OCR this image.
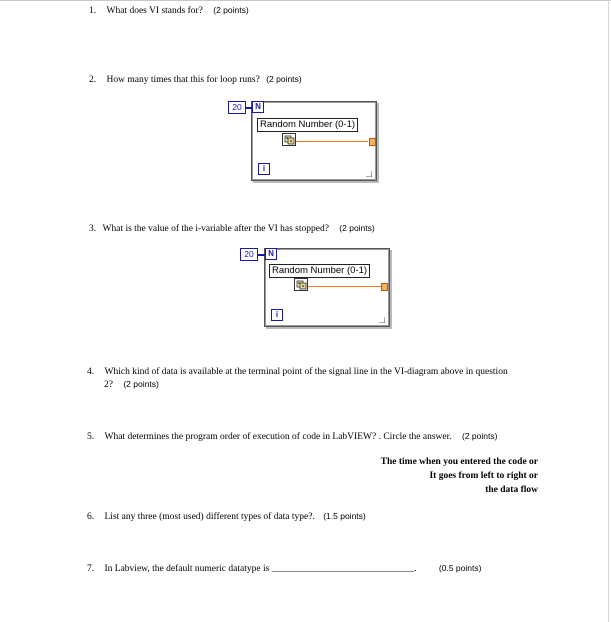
1. What does VI stands for? (2 points)
2. How many times that this for loop runs? (2 points)
20	N
Random Number (0-1)
i
3. What is the value of the i-variable after the VI has stopped? (2 points)
20	N
Random Number (0-1)
i
4. Which kind of data is available at the terminal point of the signal line in the VI-diagram above in question
2? (2 points)
5. What determines the program order of execution of code in LabVIEW? . Circle the answer. (2 points)
The time when you entered the code or
It goes from left to right or
the data flow
6. List any three (most used) different types of data type?. (1.5 points)
7. In Labview, the default numeric datatype is ______________________________.	(0.5 points)
